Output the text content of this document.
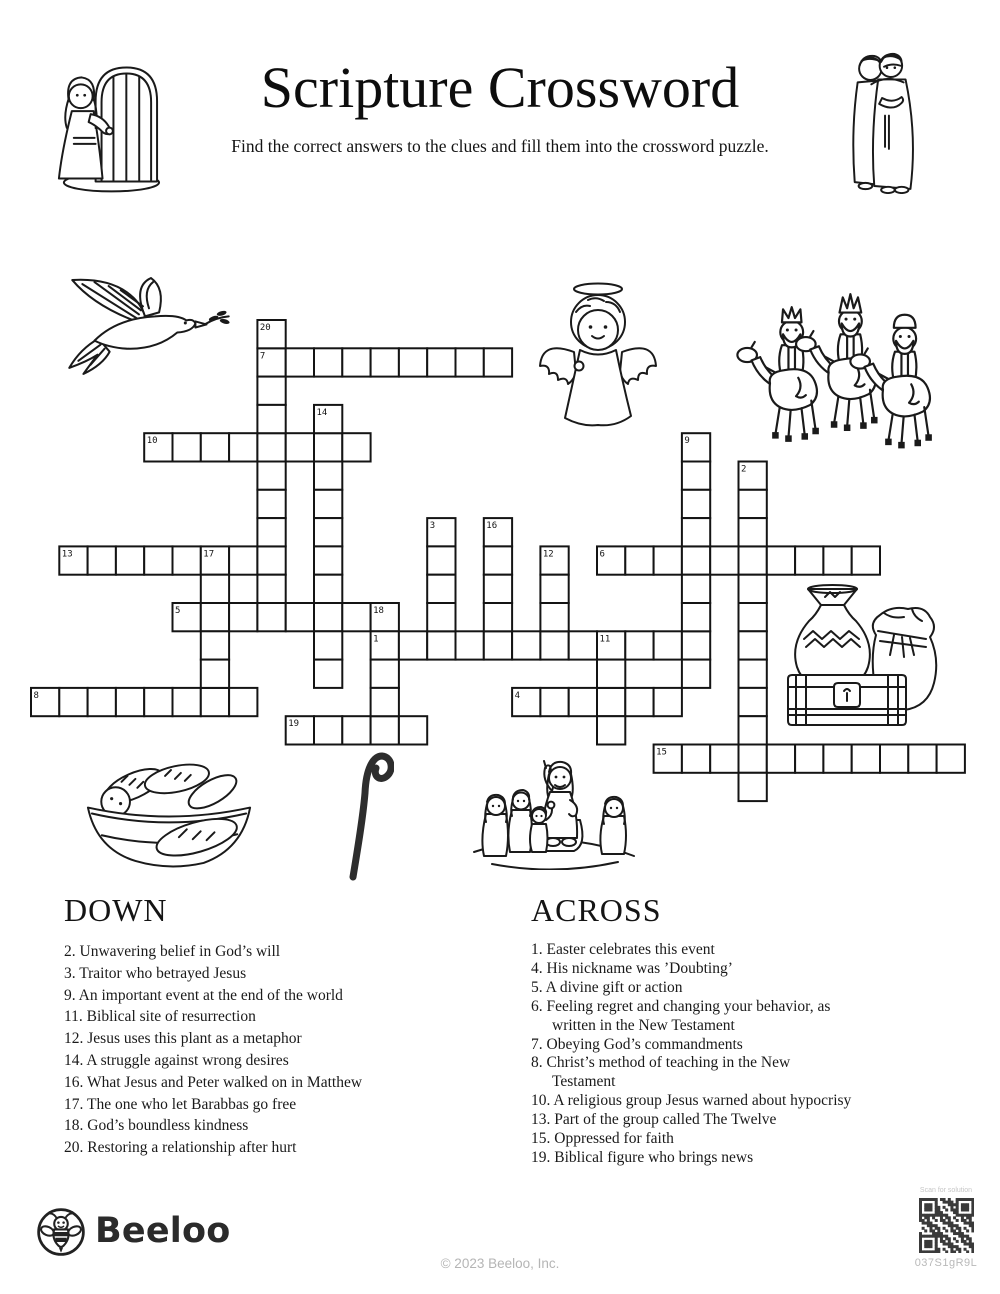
Scripture Crossword
Find the correct answers to the clues and fill them into the crossword puzzle.
7
10
13	6
5
1
8	4
19
15
20
14
9
2
3	16
17	12
18
11
DOWN
2. Unwavering belief in God’s will
3. Traitor who betrayed Jesus
9. An important event at the end of the world
11. Biblical site of resurrection
12. Jesus uses this plant as a metaphor
14. A struggle against wrong desires
16. What Jesus and Peter walked on in Matthew
17. The one who let Barabbas go free
18. God’s boundless kindness
20. Restoring a relationship after hurt
ACROSS
1. Easter celebrates this event
4. His nickname was ’Doubting’
5. A divine gift or action
6. Feeling regret and changing your behavior, as
written in the New Testament
7. Obeying God’s commandments
8. Christ’s method of teaching in the New
Testament
10. A religious group Jesus warned about hypocrisy
13. Part of the group called The Twelve
15. Oppressed for faith
19. Biblical figure who brings news
Beeloo
© 2023 Beeloo, Inc.
Scan for solution
037S1gR9L
